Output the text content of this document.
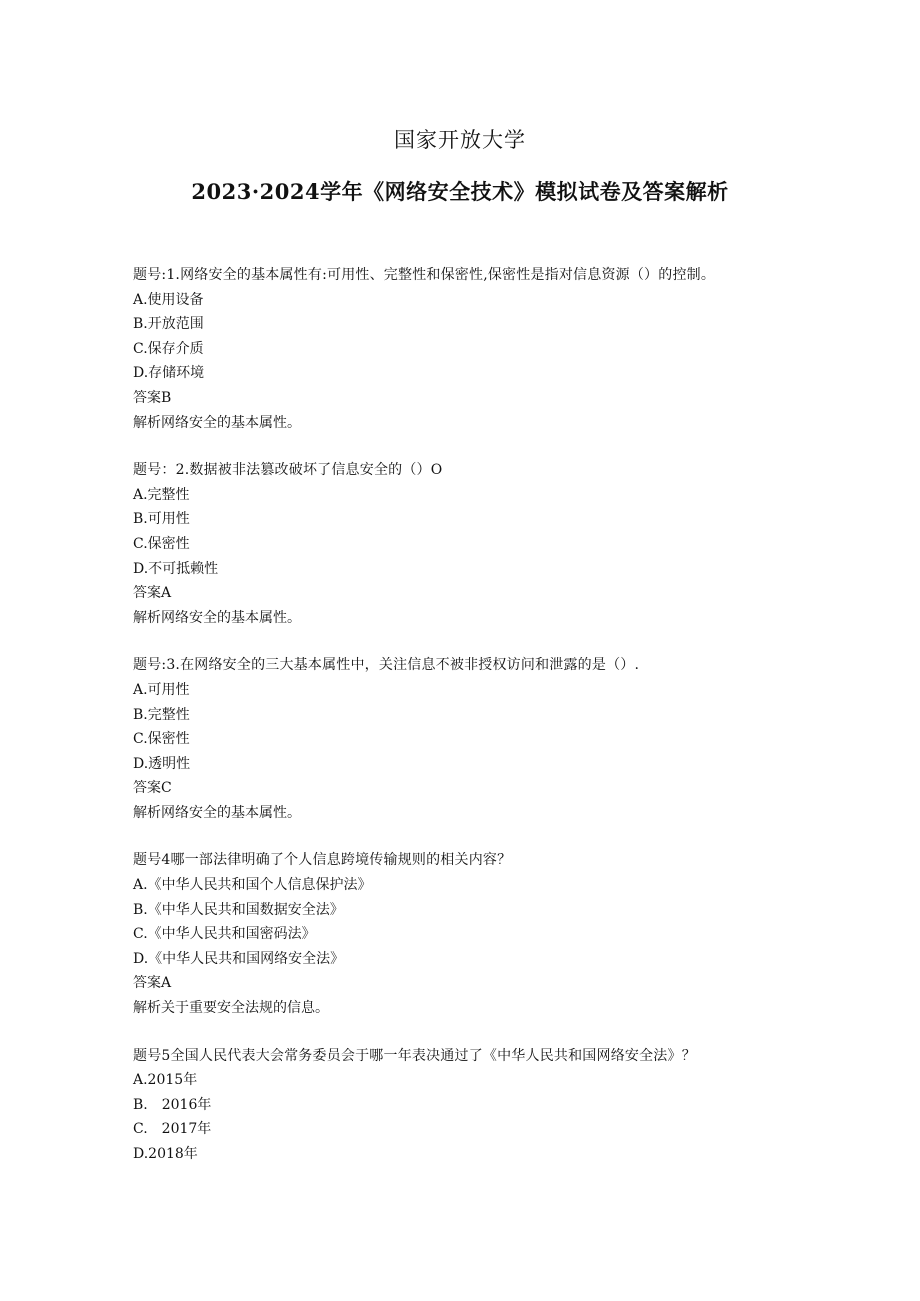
国家开放大学
2023·2024学年《网络安全技术》模拟试卷及答案解析
题号:1.网络安全的基本属性有:可用性、完整性和保密性,保密性是指对信息资源（）的控制。
A.使用设备
B.开放范围
C.保存介质
D.存储环境
答案B
解析网络安全的基本属性。
题号：2.数据被非法篡改破坏了信息安全的（）O
A.完整性
B.可用性
C.保密性
D.不可抵赖性
答案A
解析网络安全的基本属性。
题号:3.在网络安全的三大基本属性中，关注信息不被非授权访问和泄露的是（）.
A.可用性
B.完整性
C.保密性
D.透明性
答案C
解析网络安全的基本属性。
题号4哪一部法律明确了个人信息跨境传输规则的相关内容？
A.《中华人民共和国个人信息保护法》
B.《中华人民共和国数据安全法》
C.《中华人民共和国密码法》
D.《中华人民共和国网络安全法》
答案A
解析关于重要安全法规的信息。
题号5全国人民代表大会常务委员会于哪一年表决通过了《中华人民共和国网络安全法》？
A.2015年
B.　2016年
C.　2017年
D.2018年
